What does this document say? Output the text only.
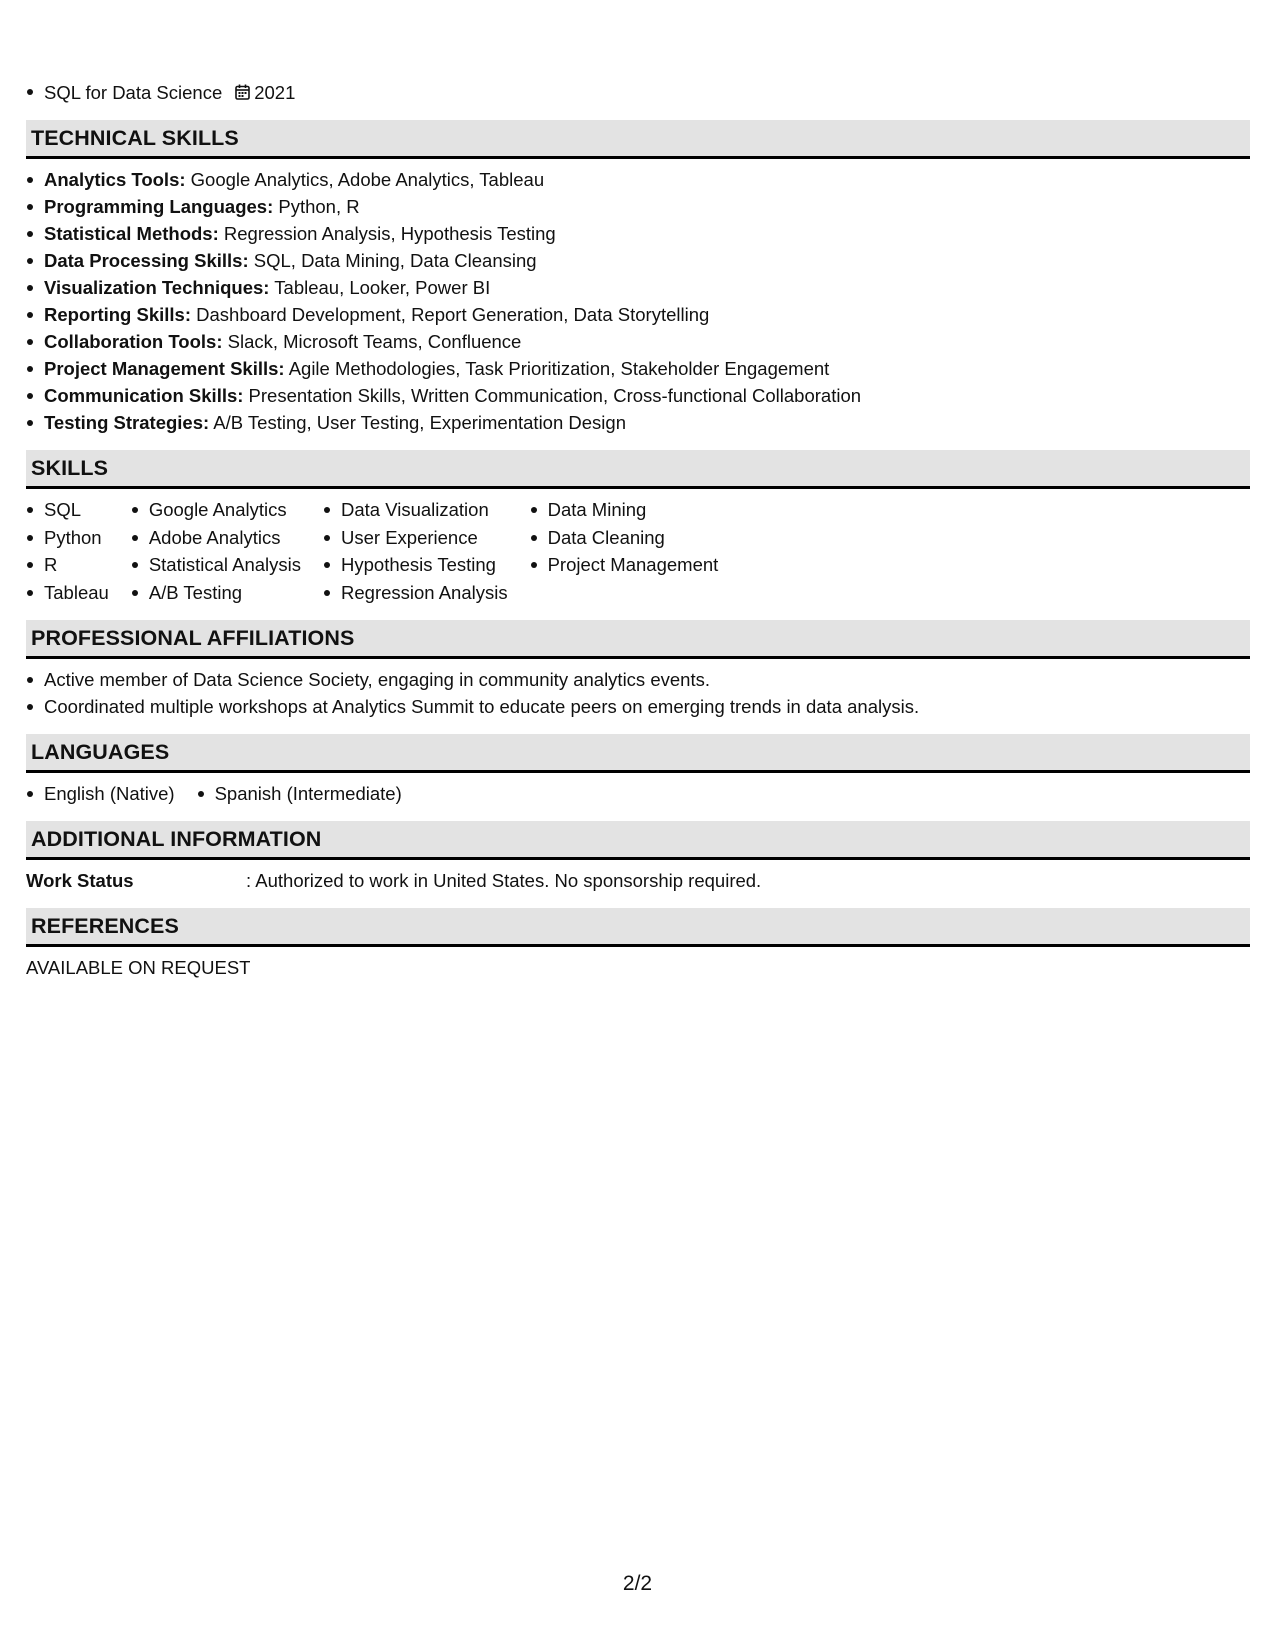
SQL for Data Science 2021
TECHNICAL SKILLS
Analytics Tools: Google Analytics, Adobe Analytics, Tableau
Programming Languages: Python, R
Statistical Methods: Regression Analysis, Hypothesis Testing
Data Processing Skills: SQL, Data Mining, Data Cleansing
Visualization Techniques: Tableau, Looker, Power BI
Reporting Skills: Dashboard Development, Report Generation, Data Storytelling
Collaboration Tools: Slack, Microsoft Teams, Confluence
Project Management Skills: Agile Methodologies, Task Prioritization, Stakeholder Engagement
Communication Skills: Presentation Skills, Written Communication, Cross-functional Collaboration
Testing Strategies: A/B Testing, User Testing, Experimentation Design
SKILLS
SQL
Python
R
Tableau
Google Analytics
Adobe Analytics
Statistical Analysis
A/B Testing
Data Visualization
User Experience
Hypothesis Testing
Regression Analysis
Data Mining
Data Cleaning
Project Management
PROFESSIONAL AFFILIATIONS
Active member of Data Science Society, engaging in community analytics events.
Coordinated multiple workshops at Analytics Summit to educate peers on emerging trends in data analysis.
LANGUAGES
English (Native)	Spanish (Intermediate)
ADDITIONAL INFORMATION
Work Status	: Authorized to work in United States. No sponsorship required.
REFERENCES
AVAILABLE ON REQUEST
2/2
